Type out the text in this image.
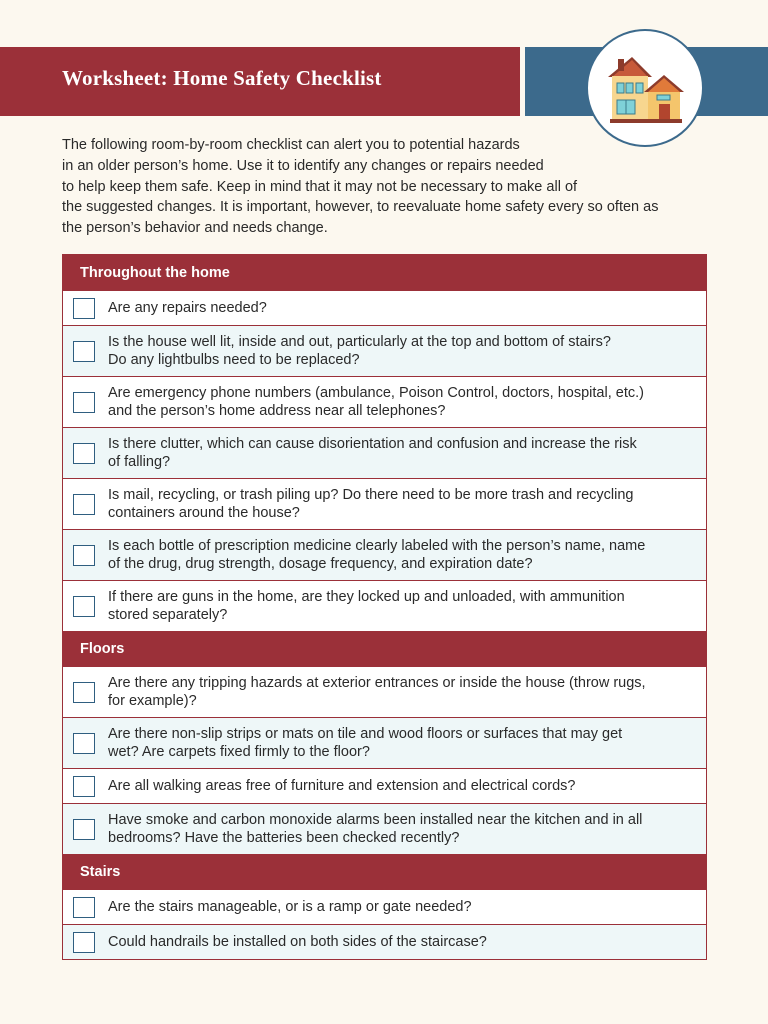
Worksheet: Home Safety Checklist

The following room-by-room checklist can alert you to potential hazards

in an older person’s home. Use it to identify any changes or repairs needed

to help keep them safe. Keep in mind that it may not be necessary to make all of

the suggested changes. It is important, however, to reevaluate home safety every so often as

the person’s behavior and needs change.

Throughout the home
Are any repairs needed?
Is the house well lit, inside and out, particularly at the top and bottom of stairs?
Do any lightbulbs need to be replaced?
Are emergency phone numbers (ambulance, Poison Control, doctors, hospital, etc.)
and the person’s home address near all telephones?
Is there clutter, which can cause disorientation and confusion and increase the risk
of falling?
Is mail, recycling, or trash piling up? Do there need to be more trash and recycling
containers around the house?
Is each bottle of prescription medicine clearly labeled with the person’s name, name
of the drug, drug strength, dosage frequency, and expiration date?
If there are guns in the home, are they locked up and unloaded, with ammunition
stored separately?
Floors
Are there any tripping hazards at exterior entrances or inside the house (throw rugs,
for example)?
Are there non-slip strips or mats on tile and wood floors or surfaces that may get
wet? Are carpets fixed firmly to the floor?
Are all walking areas free of furniture and extension and electrical cords?
Have smoke and carbon monoxide alarms been installed near the kitchen and in all
bedrooms? Have the batteries been checked recently?
Stairs
Are the stairs manageable, or is a ramp or gate needed?
Could handrails be installed on both sides of the staircase?
